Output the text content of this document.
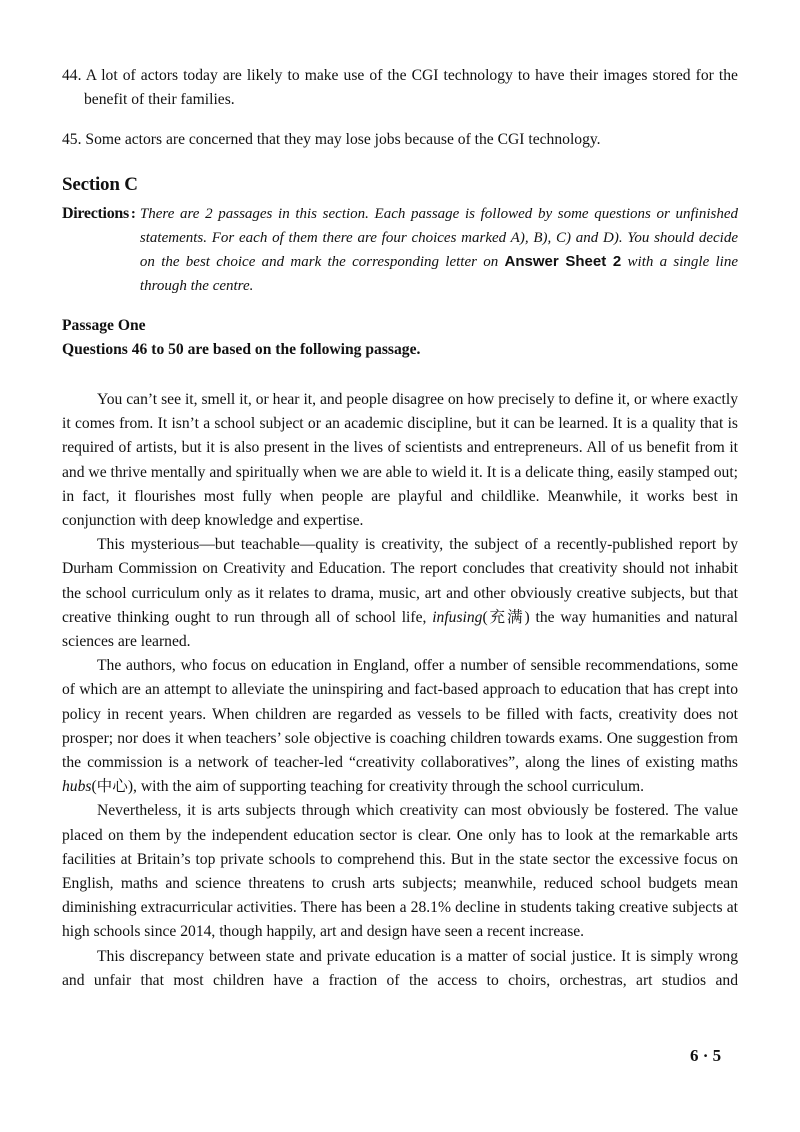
44. A lot of actors today are likely to make use of the CGI technology to have their images stored for the benefit of their families.
45. Some actors are concerned that they may lose jobs because of the CGI technology.
Section C
Directions : There are 2 passages in this section. Each passage is followed by some questions or unfinished statements. For each of them there are four choices marked A), B), C) and D). You should decide on the best choice and mark the corresponding letter on Answer Sheet 2 with a single line through the centre.
Passage One
Questions 46 to 50 are based on the following passage.

You can’t see it, smell it, or hear it, and people disagree on how precisely to define it, or where exactly it comes from. It isn’t a school subject or an academic discipline, but it can be learned. It is a quality that is required of artists, but it is also present in the lives of scientists and entrepreneurs. All of us benefit from it and we thrive mentally and spiritually when we are able to wield it. It is a delicate thing, easily stamped out; in fact, it flourishes most fully when people are playful and childlike. Meanwhile, it works best in conjunction with deep knowledge and expertise.

This mysterious—but teachable—quality is creativity, the subject of a recently-published report by Durham Commission on Creativity and Education. The report concludes that creativity should not inhabit the school curriculum only as it relates to drama, music, art and other obviously creative subjects, but that creative thinking ought to run through all of school life, infusing(充满) the way humanities and natural sciences are learned.

The authors, who focus on education in England, offer a number of sensible recommendations, some of which are an attempt to alleviate the uninspiring and fact-based approach to education that has crept into policy in recent years. When children are regarded as vessels to be filled with facts, creativity does not prosper; nor does it when teachers’ sole objective is coaching children towards exams. One suggestion from the commission is a network of teacher-led “creativity collaboratives”, along the lines of existing maths hubs(中心), with the aim of supporting teaching for creativity through the school curriculum.

Nevertheless, it is arts subjects through which creativity can most obviously be fostered. The value placed on them by the independent education sector is clear. One only has to look at the remarkable arts facilities at Britain’s top private schools to comprehend this. But in the state sector the excessive focus on English, maths and science threatens to crush arts subjects; meanwhile, reduced school budgets mean diminishing extracurricular activities. There has been a 28.1% decline in students taking creative subjects at high schools since 2014, though happily, art and design have seen a recent increase.

This discrepancy between state and private education is a matter of social justice. It is simply wrong and unfair that most children have a fraction of the access to choirs, orchestras, art studios and

6 · 5
